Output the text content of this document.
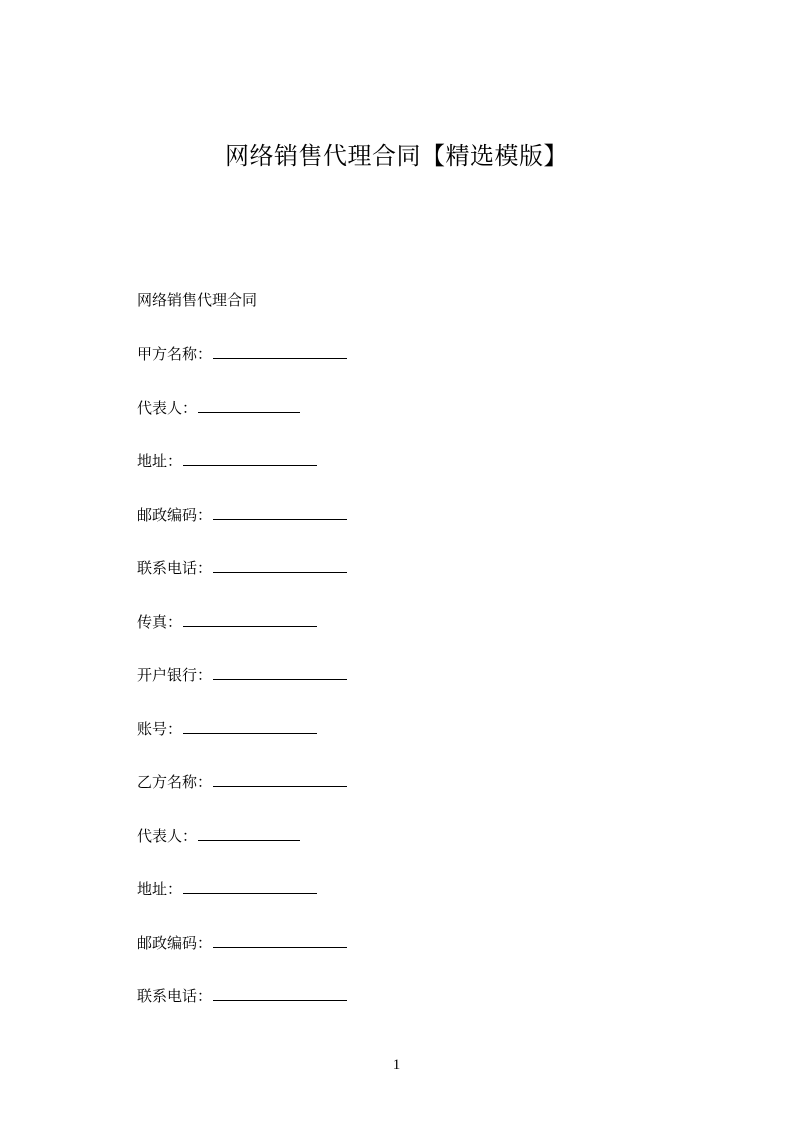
网络销售代理合同【精选模版】
网络销售代理合同
甲方名称：
代表人：
地址：
邮政编码：
联系电话：
传真：
开户银行：
账号：
乙方名称：
代表人：
地址：
邮政编码：
联系电话：
1
